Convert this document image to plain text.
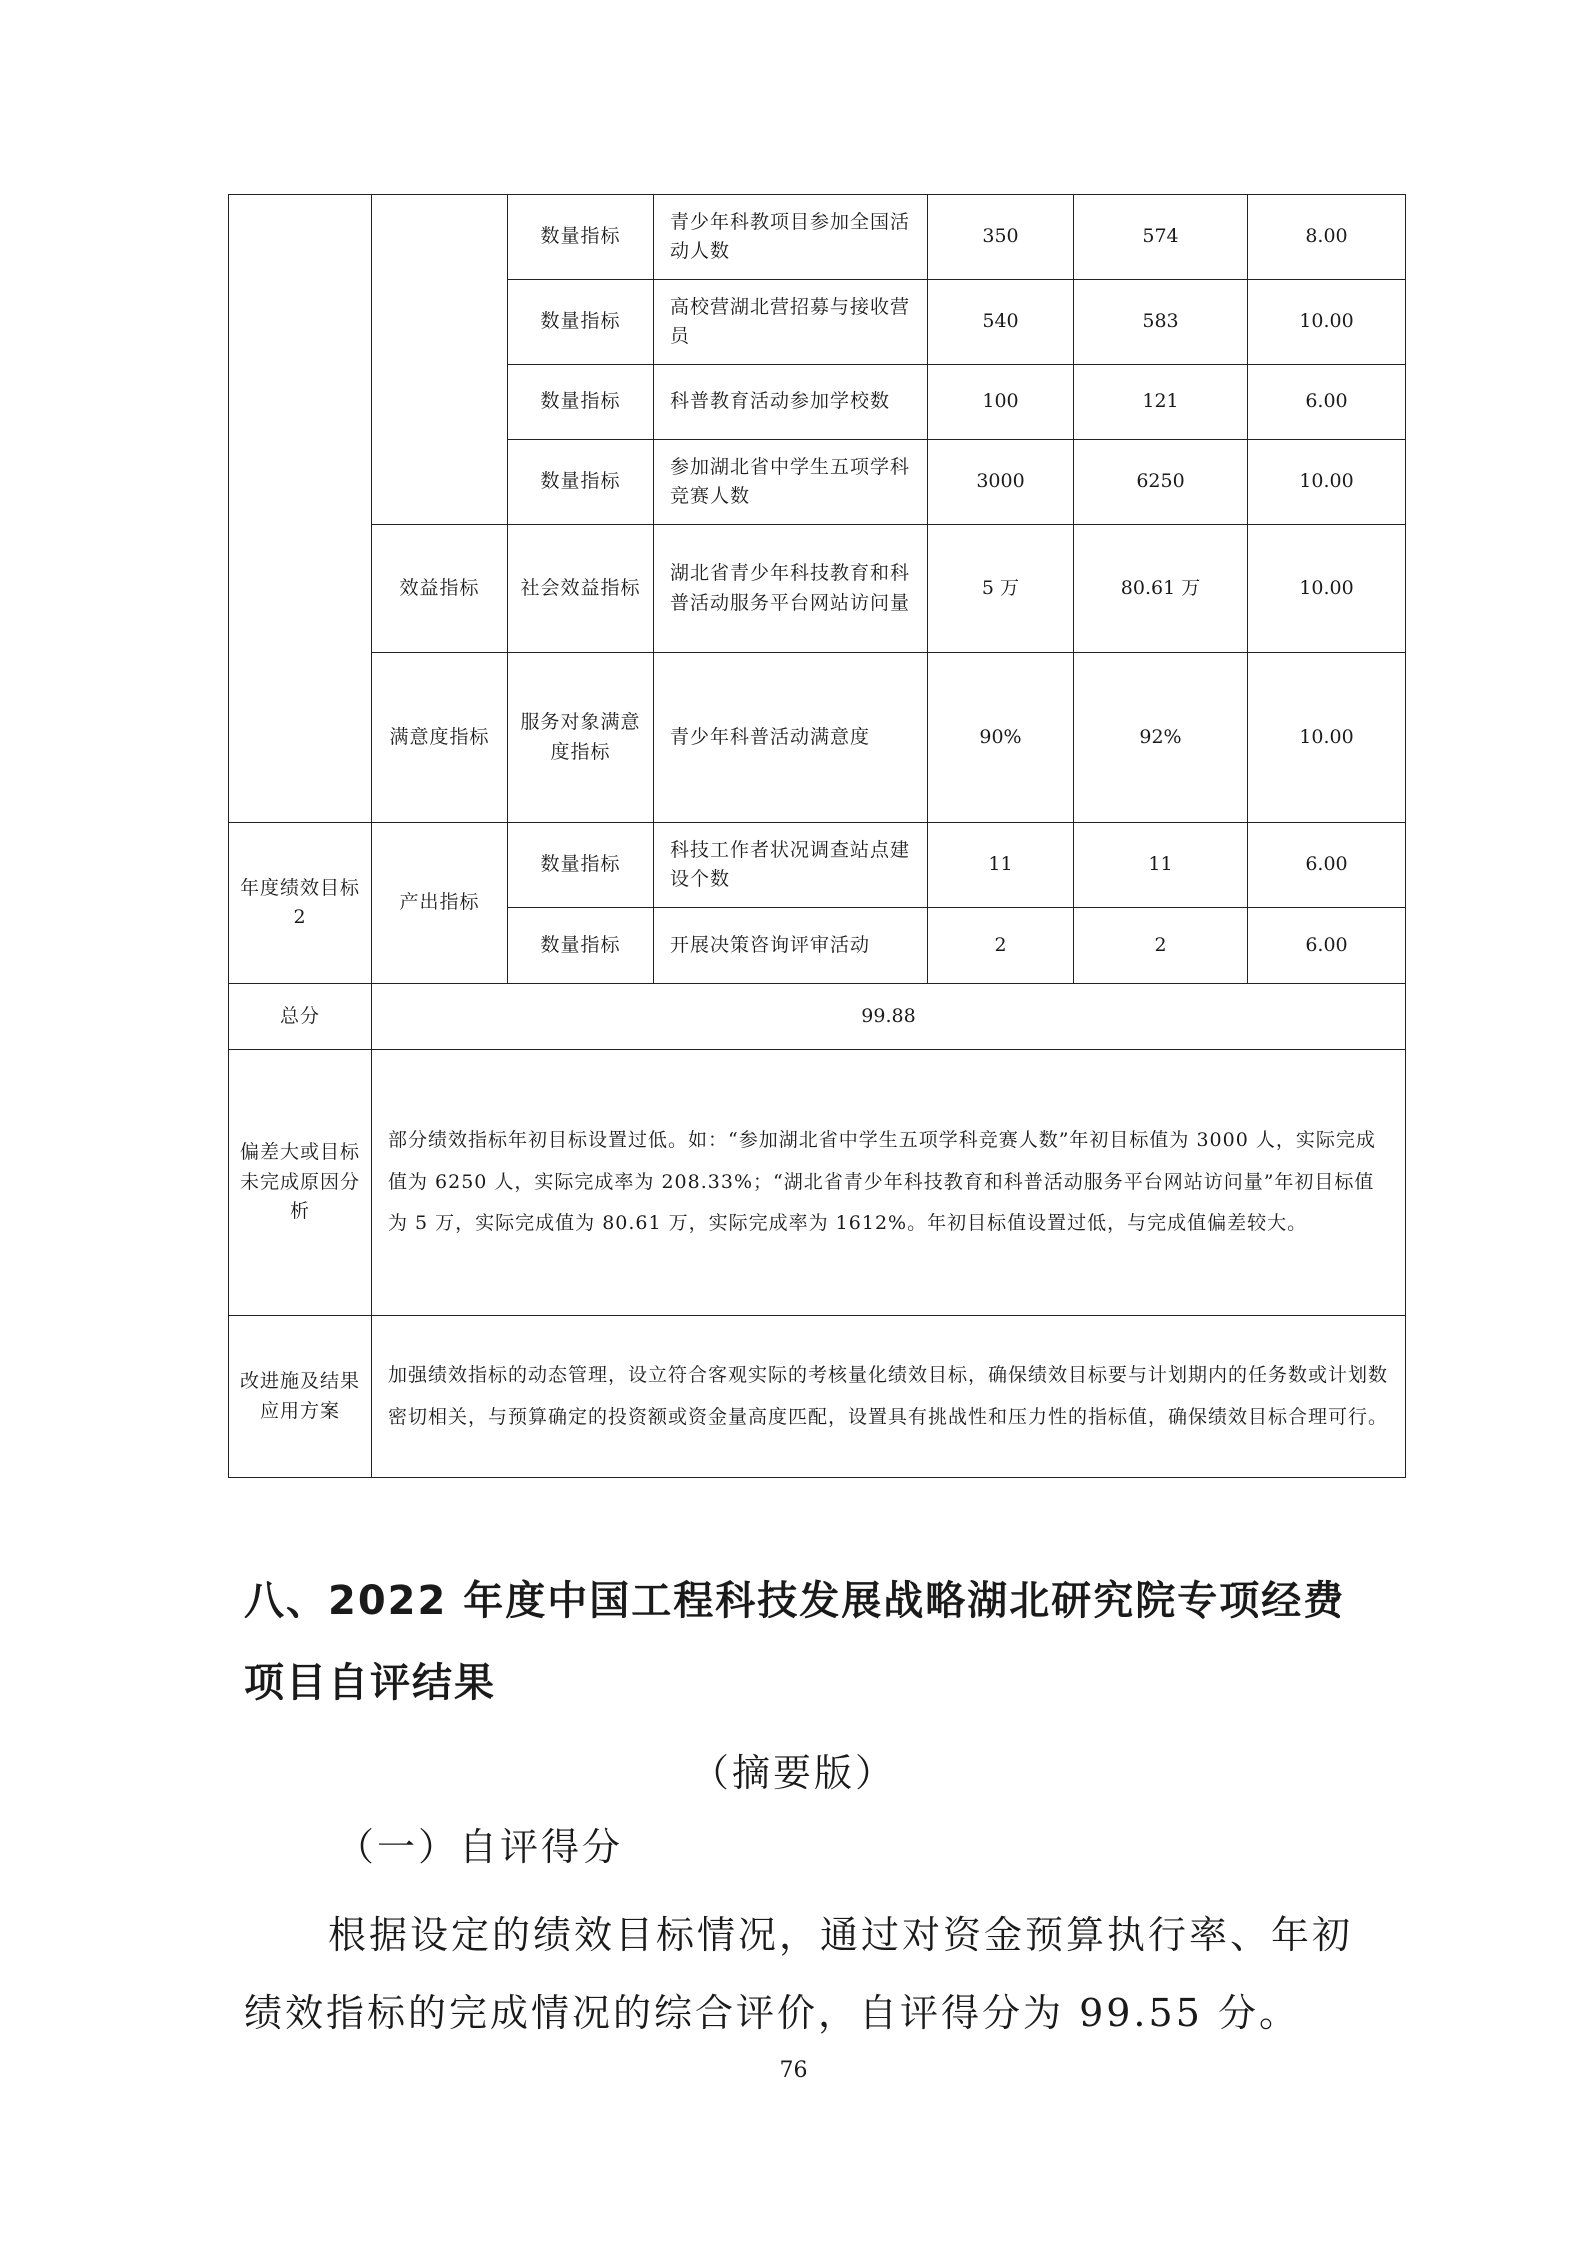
		数量指标	青少年科教项目参加全国活动人数	350	574	8.00
		数量指标	高校营湖北营招募与接收营员	540	583	10.00
		数量指标	科普教育活动参加学校数	100	121	6.00
		数量指标	参加湖北省中学生五项学科竞赛人数	3000	6250	10.00
	效益指标	社会效益指标	湖北省青少年科技教育和科普活动服务平台网站访问量	5 万	80.61 万	10.00
	满意度指标	服务对象满意度指标	青少年科普活动满意度	90%	92%	10.00
年度绩效目标 2	产出指标	数量指标	科技工作者状况调查站点建设个数	11	11	6.00
		数量指标	开展决策咨询评审活动	2	2	6.00
总分	99.88					
偏差大或目标未完成原因分析	部分绩效指标年初目标设置过低。如：“参加湖北省中学生五项学科竞赛人数”年初目标值为 3000 人，实际完成值为 6250 人，实际完成率为 208.33%；“湖北省青少年科技教育和科普活动服务平台网站访问量”年初目标值为 5 万，实际完成值为 80.61 万，实际完成率为 1612%。年初目标值设置过低，与完成值偏差较大。					
改进施及结果应用方案	加强绩效指标的动态管理，设立符合客观实际的考核量化绩效目标，确保绩效目标要与计划期内的任务数或计划数密切相关，与预算确定的投资额或资金量高度匹配，设置具有挑战性和压力性的指标值，确保绩效目标合理可行。					
八、2022 年度中国工程科技发展战略湖北研究院专项经费项目自评结果
（摘要版）
（一）自评得分

根据设定的绩效目标情况，通过对资金预算执行率、年初绩效指标的完成情况的综合评价，自评得分为 99.55 分。

76
